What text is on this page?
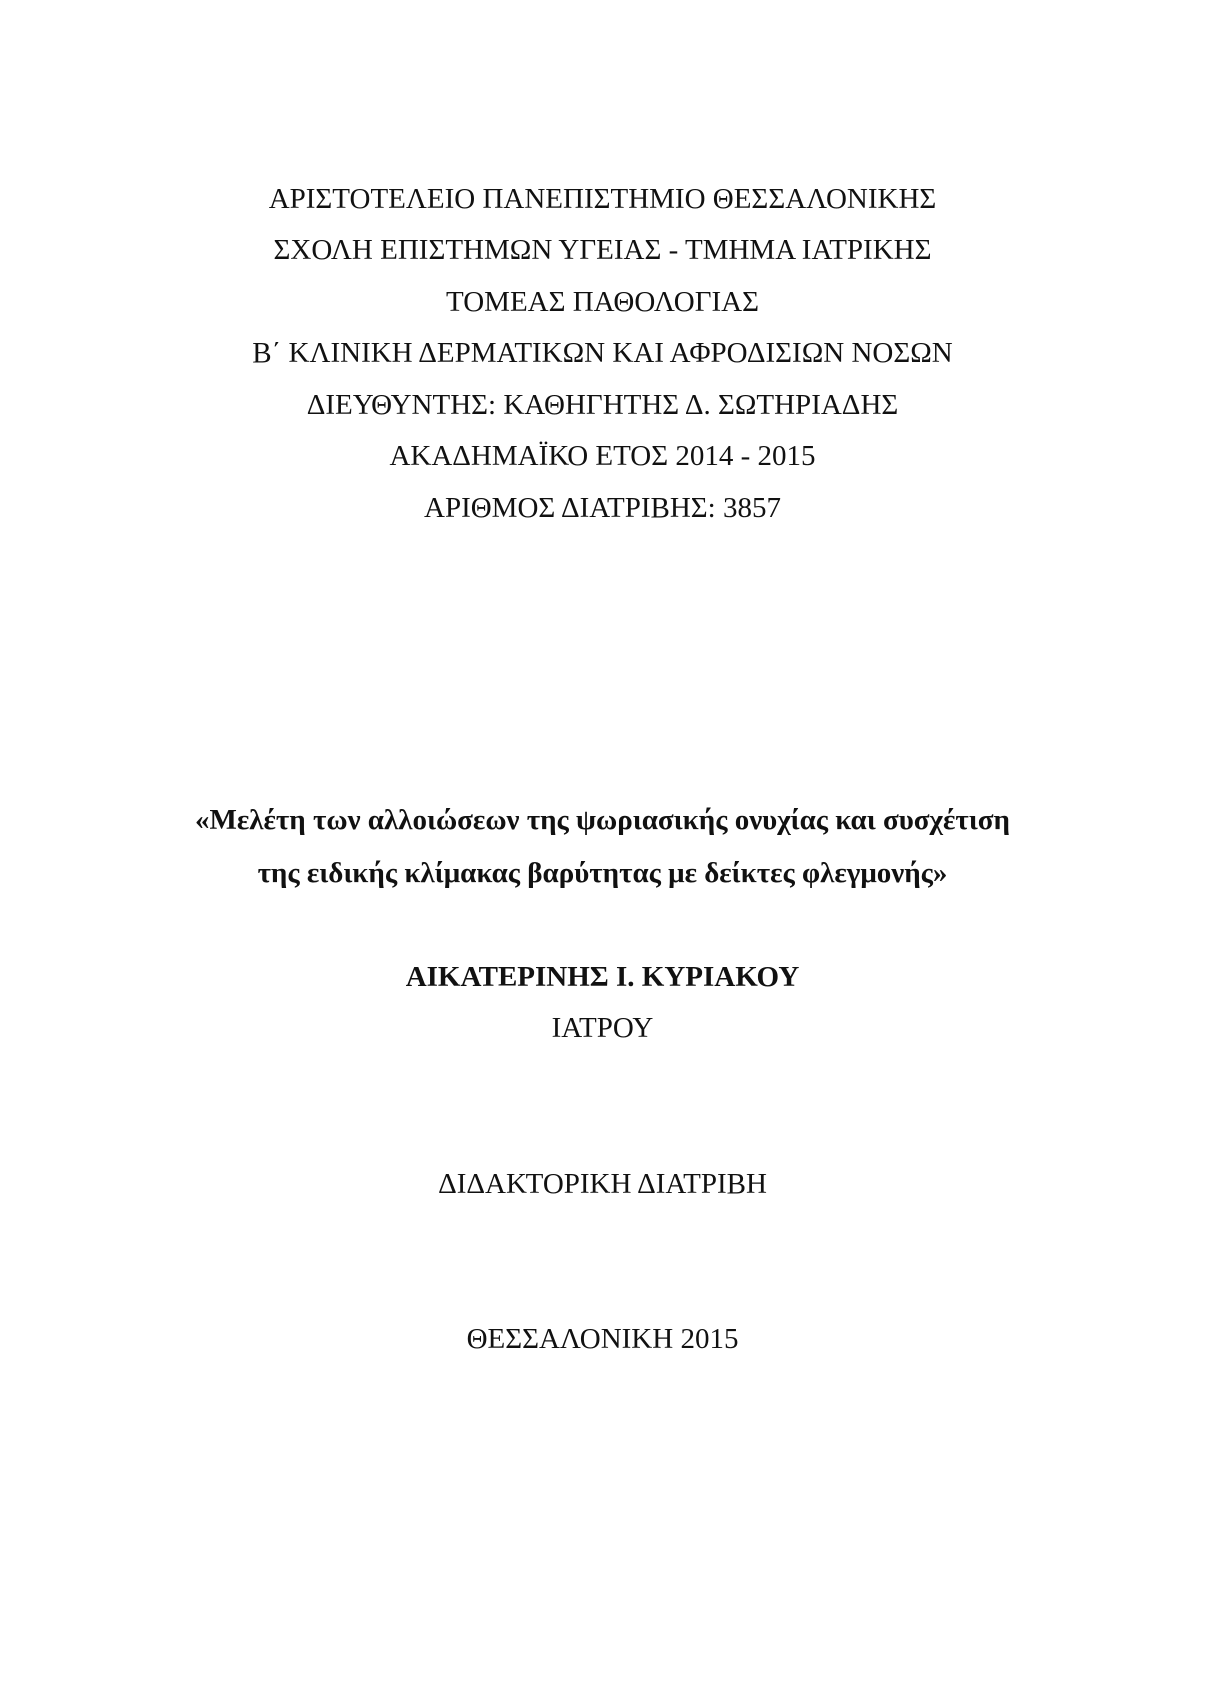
ΑΡΙΣΤΟΤΕΛΕΙΟ ΠΑΝΕΠΙΣΤΗΜΙΟ ΘΕΣΣΑΛΟΝΙΚΗΣ
ΣΧΟΛΗ ΕΠΙΣΤΗΜΩΝ ΥΓΕΙΑΣ - ΤΜΗΜΑ ΙΑΤΡΙΚΗΣ
ΤΟΜΕΑΣ ΠΑΘΟΛΟΓΙΑΣ
Β΄ ΚΛΙΝΙΚΗ ΔΕΡΜΑΤΙΚΩΝ ΚΑΙ ΑΦΡΟΔΙΣΙΩΝ ΝΟΣΩΝ
ΔΙΕΥΘΥΝΤΗΣ: ΚΑΘΗΓΗΤΗΣ Δ. ΣΩΤΗΡΙΑΔΗΣ
ΑΚΑΔΗΜΑΪΚΟ ΕΤΟΣ 2014 - 2015
ΑΡΙΘΜΟΣ ΔΙΑΤΡΙΒΗΣ: 3857
«Μελέτη των αλλοιώσεων της ψωριασικής ονυχίας και συσχέτιση
της ειδικής κλίμακας βαρύτητας με δείκτες φλεγμονής»
ΑΙΚΑΤΕΡΙΝΗΣ Ι. ΚΥΡΙΑΚΟΥ
ΙΑΤΡΟΥ
ΔΙΔΑΚΤΟΡΙΚΗ ΔΙΑΤΡΙΒΗ
ΘΕΣΣΑΛΟΝΙΚΗ 2015
